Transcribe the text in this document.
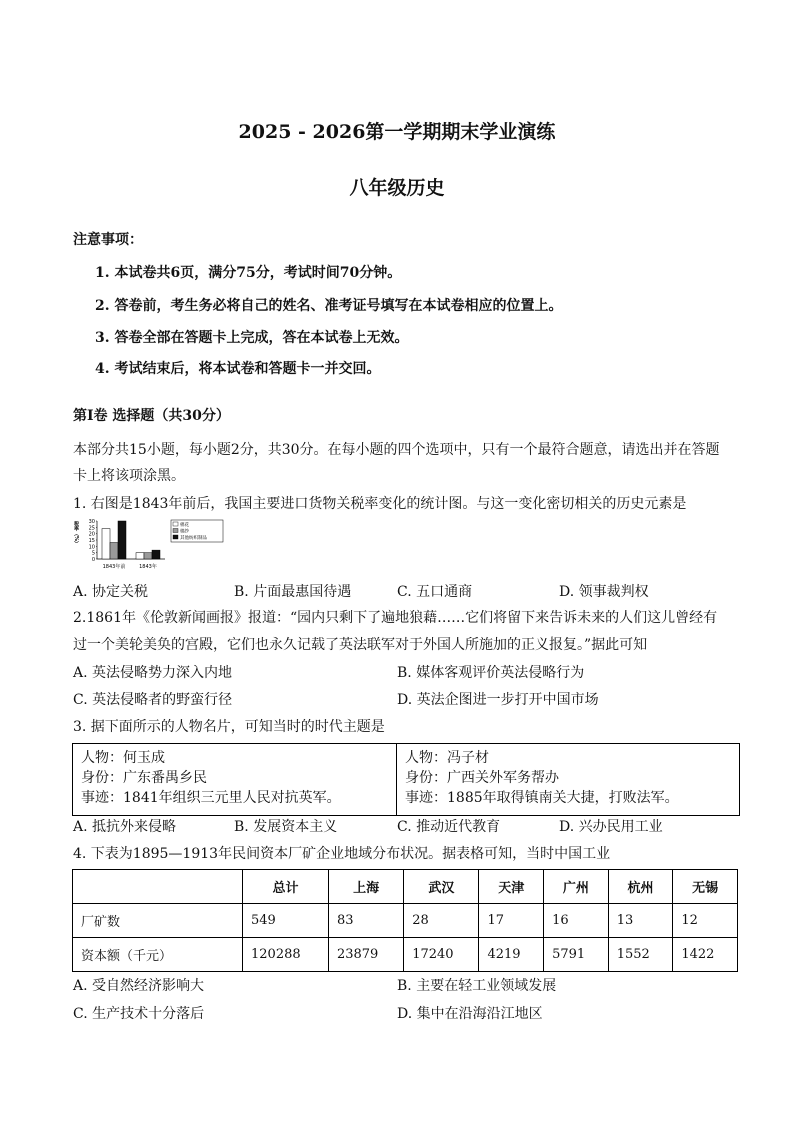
2025 - 2026第一学期期末学业演练
八年级历史
注意事项：
1. 本试卷共6页，满分75分，考试时间70分钟。
2. 答卷前，考生务必将自己的姓名、准考证号填写在本试卷相应的位置上。
3. 答卷全部在答题卡上完成，答在本试卷上无效。
4. 考试结束后，将本试卷和答题卡一并交回。
第Ⅰ卷 选择题（共30分）
本部分共15小题，每小题2分，共30分。在每小题的四个选项中，只有一个最符合题意，请选出并在答题
卡上将该项涂黑。
1. 右图是1843年前后，我国主要进口货物关税率变化的统计图。与这一变化密切相关的历史元素是
税率（%） 30
25
20
15
10
5
0
1843年前	1843年
棉花
棉纱
其他纺织制品
A. 协定关税	B. 片面最惠国待遇	C. 五口通商	D. 领事裁判权
2.1861年《伦敦新闻画报》报道：“园内只剩下了遍地狼藉……它们将留下来告诉未来的人们这儿曾经有
过一个美轮美奂的宫殿，它们也永久记载了英法联军对于外国人所施加的正义报复。”据此可知
A. 英法侵略势力深入内地	B. 媒体客观评价英法侵略行为
C. 英法侵略者的野蛮行径	D. 英法企图进一步打开中国市场
3. 据下面所示的人物名片，可知当时的时代主题是
人物：何玉成
身份：广东番禺乡民
事迹：1841年组织三元里人民对抗英军。
人物：冯子材
身份：广西关外军务帮办
事迹：1885年取得镇南关大捷，打败法军。
A. 抵抗外来侵略	B. 发展资本主义	C. 推动近代教育	D. 兴办民用工业
4. 下表为1895—1913年民间资本厂矿企业地域分布状况。据表格可知，当时中国工业
	总计	上海	武汉	天津	广州	杭州	无锡
厂矿数	549	83	28	17	16	13	12
资本额（千元）	120288	23879	17240	4219	5791	1552	1422
A. 受自然经济影响大	B. 主要在轻工业领域发展
C. 生产技术十分落后	D. 集中在沿海沿江地区
